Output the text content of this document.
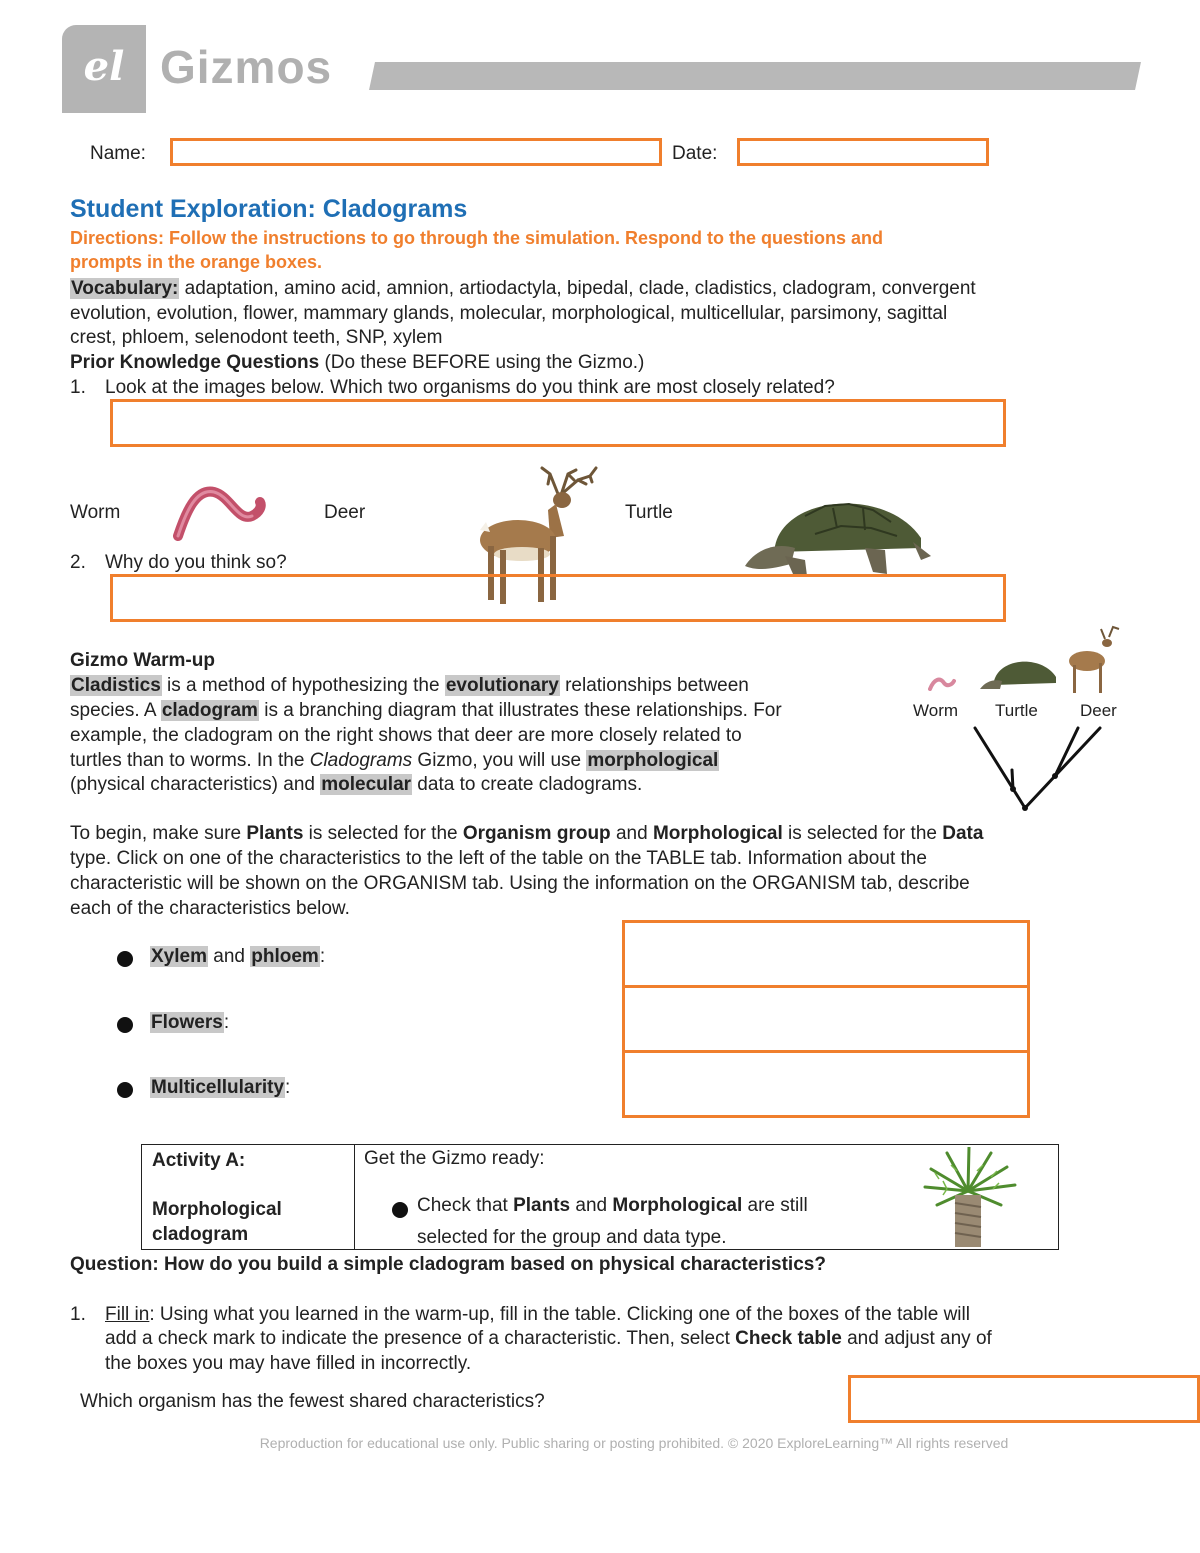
el Gizmos
Name:	Date:
Student Exploration: Cladograms
Directions: Follow the instructions to go through the simulation. Respond to the questions and
prompts in the orange boxes.
Vocabulary: adaptation, amino acid, amnion, artiodactyla, bipedal, clade, cladistics, cladogram, convergent
evolution, evolution, flower, mammary glands, molecular, morphological, multicellular, parsimony, sagittal
crest, phloem, selenodont teeth, SNP, xylem
Prior Knowledge Questions (Do these BEFORE using the Gizmo.)
1. Look at the images below. Which two organisms do you think are most closely related?
Worm	Deer	Turtle
2. Why do you think so?
Gizmo Warm-up
Cladistics is a method of hypothesizing the evolutionary relationships between
species. A cladogram is a branching diagram that illustrates these relationships. For
example, the cladogram on the right shows that deer are more closely related to
turtles than to worms. In the Cladograms Gizmo, you will use morphological
(physical characteristics) and molecular data to create cladograms.
Worm Turtle Deer
To begin, make sure Plants is selected for the Organism group and Morphological is selected for the Data
type. Click on one of the characteristics to the left of the table on the TABLE tab. Information about the
characteristic will be shown on the ORGANISM tab. Using the information on the ORGANISM tab, describe
each of the characteristics below.
Xylem and phloem:
Flowers:
Multicellularity:
Activity A:
Morphological
cladogram
Get the Gizmo ready:
Check that Plants and Morphological are still
selected for the group and data type.
Question: How do you build a simple cladogram based on physical characteristics?
1. Fill in: Using what you learned in the warm-up, fill in the table. Clicking one of the boxes of the table will
add a check mark to indicate the presence of a characteristic. Then, select Check table and adjust any of
the boxes you may have filled in incorrectly.
Which organism has the fewest shared characteristics?
Reproduction for educational use only. Public sharing or posting prohibited. © 2020 ExploreLearning™ All rights reserved
